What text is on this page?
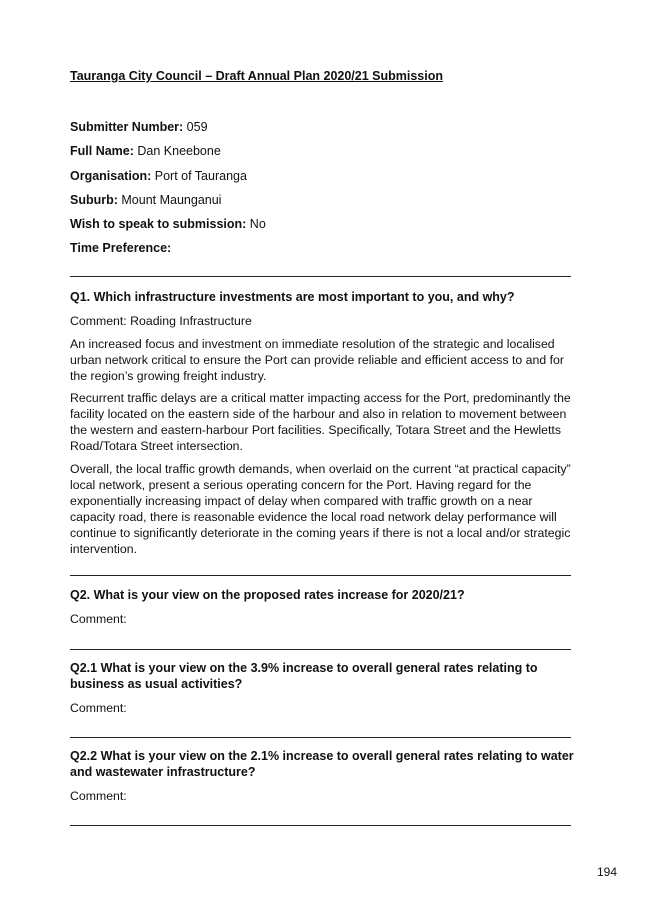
Tauranga City Council – Draft Annual Plan 2020/21 Submission
Submitter Number: 059
Full Name: Dan Kneebone
Organisation: Port of Tauranga
Suburb: Mount Maunganui
Wish to speak to submission: No
Time Preference:
Q1. Which infrastructure investments are most important to you, and why?
Comment: Roading Infrastructure
An increased focus and investment on immediate resolution of the strategic and localised urban network critical to ensure the Port can provide reliable and efficient access to and for the region’s growing freight industry.
Recurrent traffic delays are a critical matter impacting access for the Port, predominantly the facility located on the eastern side of the harbour and also in relation to movement between the western and eastern-harbour Port facilities. Specifically, Totara Street and the Hewletts Road/Totara Street intersection.
Overall, the local traffic growth demands, when overlaid on the current “at practical capacity” local network, present a serious operating concern for the Port. Having regard for the exponentially increasing impact of delay when compared with traffic growth on a near capacity road, there is reasonable evidence the local road network delay performance will continue to significantly deteriorate in the coming years if there is not a local and/or strategic intervention.
Q2. What is your view on the proposed rates increase for 2020/21?
Comment:
Q2.1 What is your view on the 3.9% increase to overall general rates relating to business as usual activities?
Comment:
Q2.2 What is your view on the 2.1% increase to overall general rates relating to water and wastewater infrastructure?
Comment:
194
